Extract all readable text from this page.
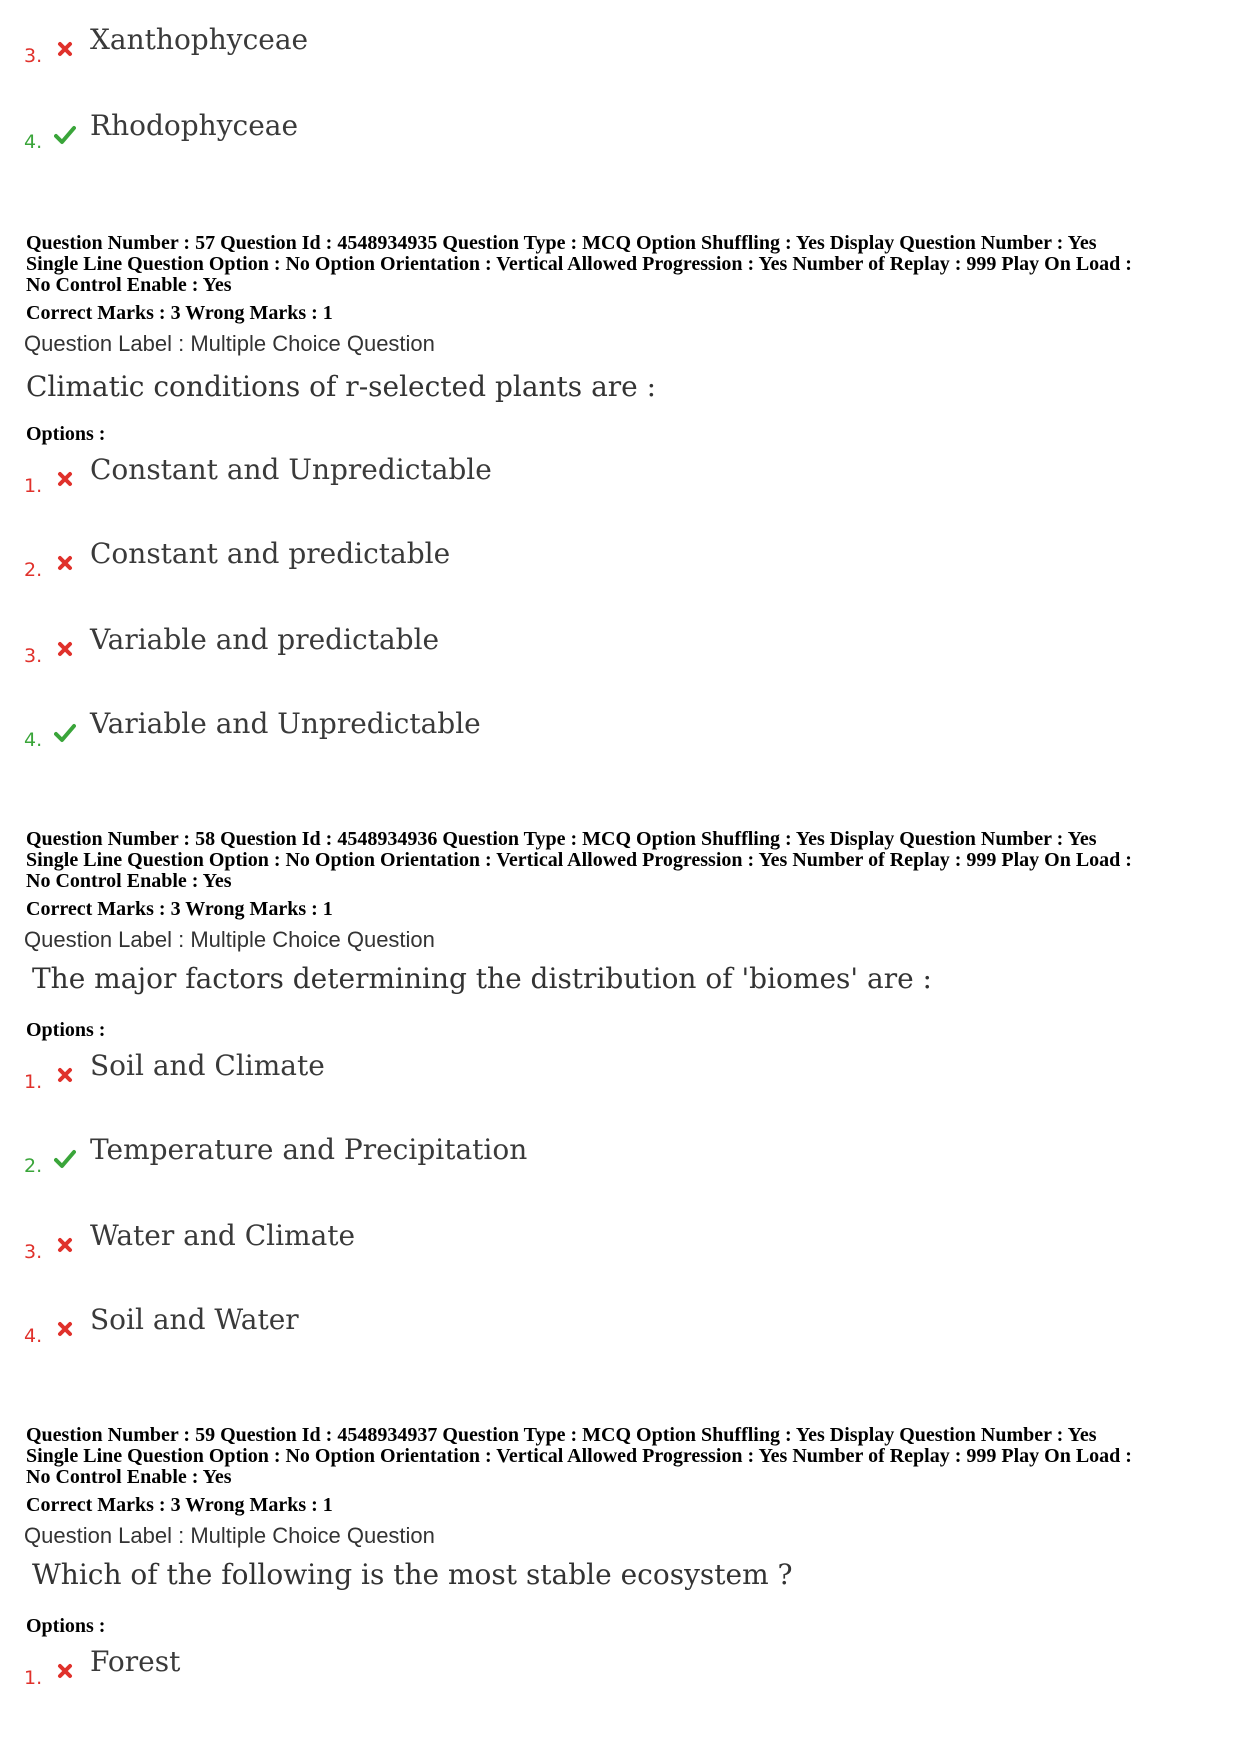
3. Xanthophyceae
4. Rhodophyceae
Question Number : 57 Question Id : 4548934935 Question Type : MCQ Option Shuffling : Yes Display Question Number : Yes
Single Line Question Option : No Option Orientation : Vertical Allowed Progression : Yes Number of Replay : 999 Play On Load :
No Control Enable : Yes
Correct Marks : 3 Wrong Marks : 1
Question Label : Multiple Choice Question
Climatic conditions of r-selected plants are :
Options :
1. Constant and Unpredictable
2. Constant and predictable
3. Variable and predictable
4. Variable and Unpredictable
Question Number : 58 Question Id : 4548934936 Question Type : MCQ Option Shuffling : Yes Display Question Number : Yes
Single Line Question Option : No Option Orientation : Vertical Allowed Progression : Yes Number of Replay : 999 Play On Load :
No Control Enable : Yes
Correct Marks : 3 Wrong Marks : 1
Question Label : Multiple Choice Question
The major factors determining the distribution of 'biomes' are :
Options :
1. Soil and Climate
2. Temperature and Precipitation
3. Water and Climate
4. Soil and Water
Question Number : 59 Question Id : 4548934937 Question Type : MCQ Option Shuffling : Yes Display Question Number : Yes
Single Line Question Option : No Option Orientation : Vertical Allowed Progression : Yes Number of Replay : 999 Play On Load :
No Control Enable : Yes
Correct Marks : 3 Wrong Marks : 1
Question Label : Multiple Choice Question
Which of the following is the most stable ecosystem ?
Options :
1. Forest
